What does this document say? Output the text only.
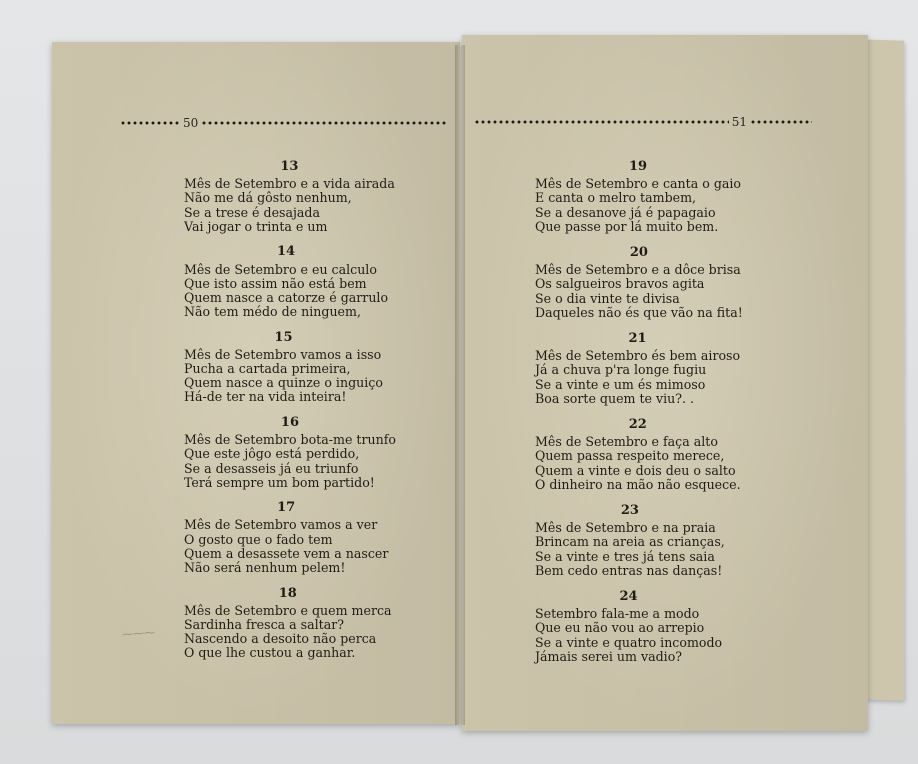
50
⁓⁓⁓
13
Mês de Setembro e a vida airada
Não me dá gôsto nenhum,
Se a trese é desajada
Vai jogar o trinta e um
14
Mês de Setembro e eu calculo
Que isto assim não está bem
Quem nasce a catorze é garrulo
Não tem médo de ninguem,
15
Mês de Setembro vamos a isso
Pucha a cartada primeira,
Quem nasce a quinze o inguiço
Há-de ter na vida inteira!
16
Mês de Setembro bota-me trunfo
Que este jôgo está perdido,
Se a desasseis já eu triunfo
Terá sempre um bom partido!
17
Mês de Setembro vamos a ver
O gosto que o fado tem
Quem a desassete vem a nascer
Não será nenhum pelem!
18
Mês de Setembro e quem merca
Sardinha fresca a saltar?
Nascendo a desoito não perca
O que lhe custou a ganhar.
51
19
Mês de Setembro e canta o gaio
E canta o melro tambem,
Se a desanove já é papagaio
Que passe por lá muito bem.
20
Mês de Setembro e a dôce brisa
Os salgueiros bravos agita
Se o dia vinte te divisa
Daqueles não és que vão na fita!
21
Mês de Setembro és bem airoso
Já a chuva p'ra longe fugiu
Se a vinte e um és mimoso
Boa sorte quem te viu?. .
22
Mês de Setembro e faça alto
Quem passa respeito merece,
Quem a vinte e dois deu o salto
O dinheiro na mão não esquece.
23
Mês de Setembro e na praia
Brincam na areia as crianças,
Se a vinte e tres já tens saia
Bem cedo entras nas danças!
24
Setembro fala-me a modo
Que eu não vou ao arrepio
Se a vinte e quatro incomodo
Jámais serei um vadio?
